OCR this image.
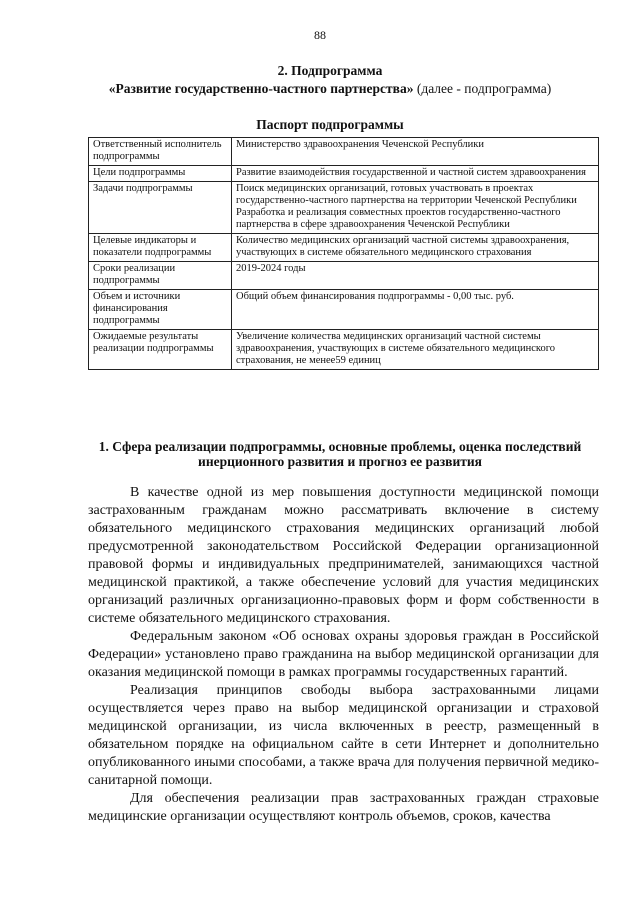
88
2. Подпрограмма
«Развитие государственно-частного партнерства» (далее - подпрограмма)
Паспорт подпрограммы
Ответственный исполнитель подпрограммы	Министерство здравоохранения Чеченской Республики
Цели подпрограммы	Развитие взаимодействия государственной и частной систем здравоохранения
Задачи подпрограммы	Поиск медицинских организаций, готовых участвовать в проектах государственно-частного партнерства на территории Чеченской Республики
Разработка и реализация совместных проектов государственно-частного партнерства в сфере здравоохранения Чеченской Республики

Целевые индикаторы и показатели подпрограммы	Количество медицинских организаций частной системы здравоохранения, участвующих в системе обязательного медицинского страхования
Сроки реализации подпрограммы	2019-2024 годы
Объем и источники финансирования подпрограммы	Общий объем финансирования подпрограммы - 0,00 тыс. руб.
Ожидаемые результаты реализации подпрограммы	Увеличение количества медицинских организаций частной системы здравоохранения, участвующих в системе обязательного медицинского страхования, не менее59 единиц
1. Сфера реализации подпрограммы, основные проблемы, оценка последствий инерционного развития и прогноз ее развития

В качестве одной из мер повышения доступности медицинской помощи застрахованным гражданам можно рассматривать включение в систему обязательного медицинского страхования медицинских организаций любой предусмотренной законодательством Российской Федерации организационной правовой формы и индивидуальных предпринимателей, занимающихся частной медицинской практикой, а также обеспечение условий для участия медицинских организаций различных организационно-правовых форм и форм собственности в системе обязательного медицинского страхования.

Федеральным законом «Об основах охраны здоровья граждан в Российской Федерации» установлено право гражданина на выбор медицинской организации для оказания медицинской помощи в рамках программы государственных гарантий.

Реализация принципов свободы выбора застрахованными лицами осуществляется через право на выбор медицинской организации и страховой медицинской организации, из числа включенных в реестр, размещенный в обязательном порядке на официальном сайте в сети Интернет и дополнительно опубликованного иными способами, а также врача для получения первичной медико-санитарной помощи.

Для обеспечения реализации прав застрахованных граждан страховые медицинские организации осуществляют контроль объемов, сроков, качества
